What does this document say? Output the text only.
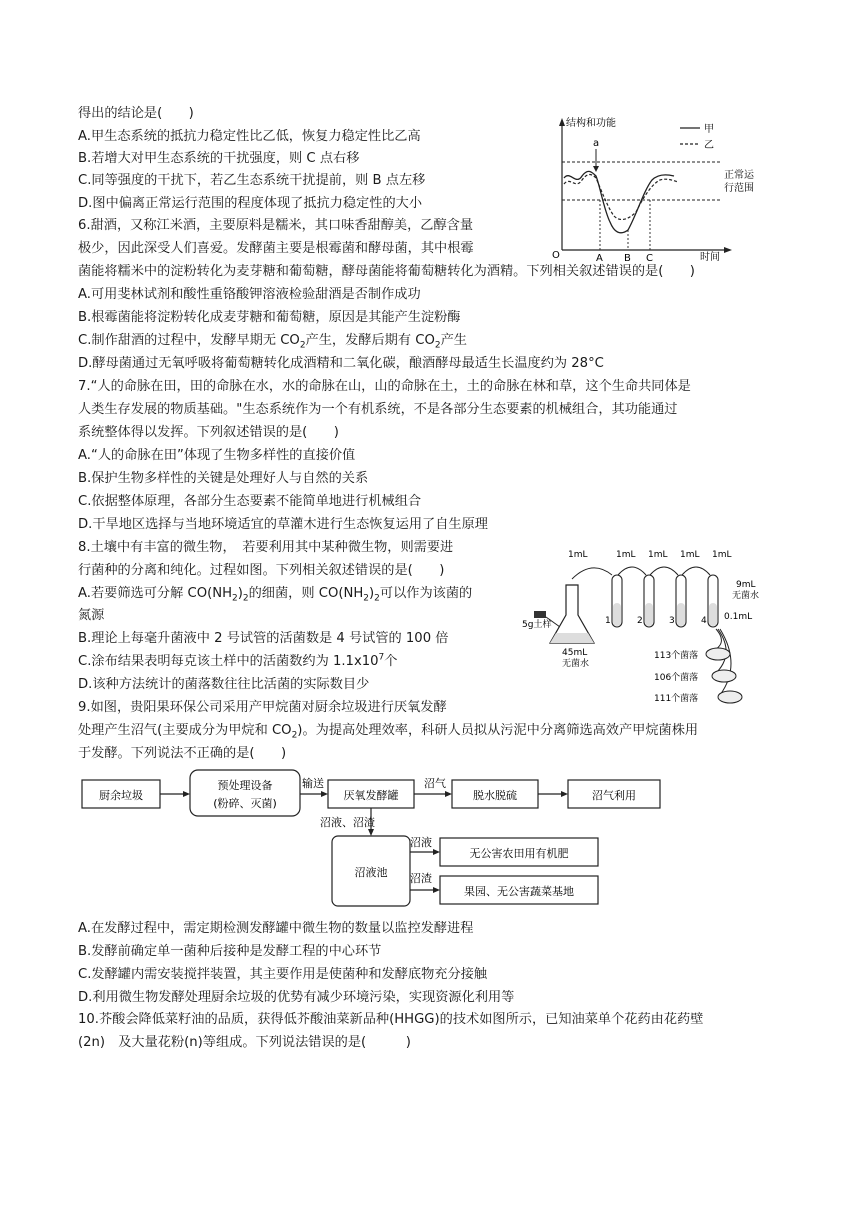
得出的结论是(　　)
A.甲生态系统的抵抗力稳定性比乙低，恢复力稳定性比乙高
B.若增大对甲生态系统的干扰强度，则 C 点右移
C.同等强度的干扰下，若乙生态系统干扰提前，则 B 点左移
D.图中偏离正常运行范围的程度体现了抵抗力稳定性的大小
结构和功能
时间
O
甲
乙
正常运
行范围
a
A B C
6.甜酒，又称江米酒，主要原料是糯米，其口味香甜醇美，乙醇含量
极少，因此深受人们喜爱。发酵菌主要是根霉菌和酵母菌，其中根霉
菌能将糯米中的淀粉转化为麦芽糖和葡萄糖，酵母菌能将葡萄糖转化为酒精。下列相关叙述错误的是(　　)
A.可用斐林试剂和酸性重铬酸钾溶液检验甜酒是否制作成功
B.根霉菌能将淀粉转化成麦芽糖和葡萄糖，原因是其能产生淀粉酶
C.制作甜酒的过程中，发酵早期无 $CO_2$产生，发酵后期有 $CO_2$产生
D.酵母菌通过无氧呼吸将葡萄糖转化成酒精和二氧化碳，酿酒酵母最适生长温度约为 28°C
7.“人的命脉在田，田的命脉在水，水的命脉在山，山的命脉在土，土的命脉在林和草，这个生命共同体是
人类生存发展的物质基础。"生态系统作为一个有机系统，不是各部分生态要素的机械组合，其功能通过
系统整体得以发挥。下列叙述错误的是(　　)
A.“人的命脉在田”体现了生物多样性的直接价值
B.保护生物多样性的关键是处理好人与自然的关系
C.依据整体原理，各部分生态要素不能简单地进行机械组合
D.干旱地区选择与当地环境适宜的草灌木进行生态恢复运用了自生原理
8.土壤中有丰富的微生物，　若要利用其中某种微生物，则需要进
行菌种的分离和纯化。过程如图。下列相关叙述错误的是(　　)
A.若要筛选可分解 $CO(NH_2)_2$的细菌，则 $CO(NH_2)_2$可以作为该菌的
氮源
B.理论上每毫升菌液中 2 号试管的活菌数是 4 号试管的 100 倍
C.涂布结果表明每克该土样中的活菌数约为 $1.1x10^7$个
D.该种方法统计的菌落数往往比活菌的实际数目少
1mL	1mL 1mL 1mL 1mL
5g土样
45mL
无菌水
1	2	3	4
9mL
无菌水
0.1mL
113个菌落
106个菌落
111个菌落
9.如图，贵阳果环保公司采用产甲烷菌对厨余垃圾进行厌氧发酵
处理产生沼气(主要成分为甲烷和 $CO_2$)。为提高处理效率，科研人员拟从污泥中分离筛选高效产甲烷菌株用
于发酵。下列说法不正确的是(　　)
厨余垃圾
预处理设备
(粉碎、灭菌)
输送
厌氧发酵罐
沼气
脱水脱硫	沼气利用
沼液、沼渣
沼液池
沼液
无公害农田用有机肥
沼渣
果园、无公害蔬菜基地
A.在发酵过程中，需定期检测发酵罐中微生物的数量以监控发酵进程
B.发酵前确定单一菌种后接种是发酵工程的中心环节
C.发酵罐内需安装搅拌装置，其主要作用是使菌种和发酵底物充分接触
D.利用微生物发酵处理厨余垃圾的优势有减少环境污染，实现资源化利用等
10.芥酸会降低菜籽油的品质，获得低芥酸油菜新品种(HHGG)的技术如图所示，已知油菜单个花药由花药壁
(2n)　及大量花粉(n)等组成。下列说法错误的是(　　　)
